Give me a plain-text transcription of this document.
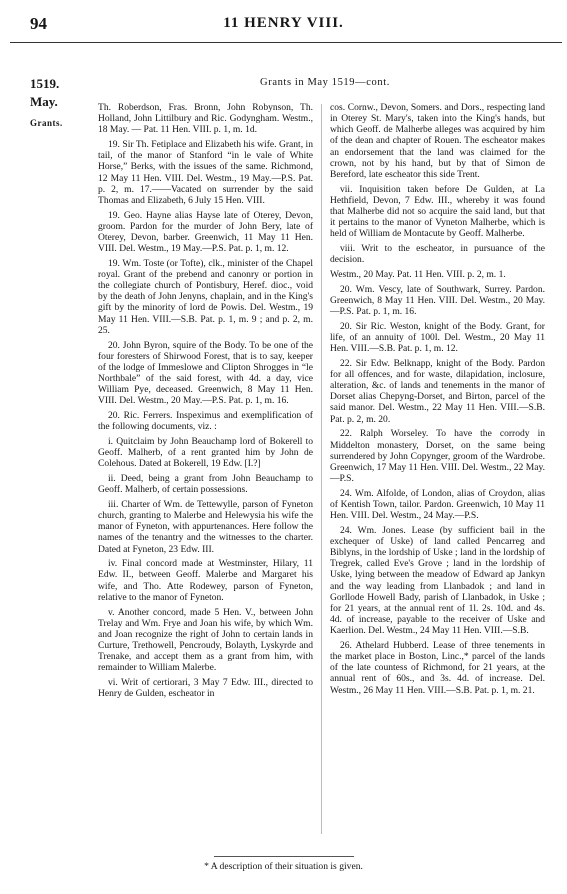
94	11 HENRY VIII.
1519.
May.
Grants.
Grants in May 1519—cont.

Th. Roberdson, Fras. Bronn, John Robynson, Th. Holland, John Littilbury and Ric. Godyngham. Westm., 18 May. — Pat. 11 Hen. VIII. p. 1, m. 1d.

19. Sir Th. Fetiplace and Elizabeth his wife. Grant, in tail, of the manor of Stanford “in le vale of White Horse,” Berks, with the issues of the same. Richmond, 12 May 11 Hen. VIII. Del. Westm., 19 May.—P.S. Pat. p. 2, m. 17.——Vacated on surrender by the said Thomas and Elizabeth, 6 July 15 Hen. VIII.

19. Geo. Hayne alias Hayse late of Oterey, Devon, groom. Pardon for the murder of John Bery, late of Oterey, Devon, barber. Greenwich, 11 May 11 Hen. VIII. Del. Westm., 19 May.—P.S. Pat. p. 1, m. 12.

19. Wm. Toste (or Tofte), clk., minister of the Chapel royal. Grant of the prebend and canonry or portion in the collegiate church of Pontisbury, Heref. dioc., void by the death of John Jenyns, chaplain, and in the King's gift by the minority of lord de Powis. Del. Westm., 19 May 11 Hen. VIII.—S.B. Pat. p. 1, m. 9 ; and p. 2, m. 25.

20. John Byron, squire of the Body. To be one of the four foresters of Shirwood Forest, that is to say, keeper of the lodge of Immeslowe and Clipton Shrogges in “le Northbale” of the said forest, with 4d. a day, vice William Pye, deceased. Greenwich, 8 May 11 Hen. VIII. Del. Westm., 20 May.—P.S. Pat. p. 1, m. 16.

20. Ric. Ferrers. Inspeximus and exemplification of the following documents, viz. :

i. Quitclaim by John Beauchamp lord of Bokerell to Geoff. Malherb, of a rent granted him by John de Colehous. Dated at Bokerell, 19 Edw. [I.?]

ii. Deed, being a grant from John Beauchamp to Geoff. Malherb, of certain possessions.

iii. Charter of Wm. de Tettewylle, parson of Fyneton church, granting to Malerbe and Helewysia his wife the manor of Fyneton, with appurtenances. Here follow the names of the tenantry and the witnesses to the charter. Dated at Fyneton, 23 Edw. III.

iv. Final concord made at Westminster, Hilary, 11 Edw. II., between Geoff. Malerbe and Margaret his wife, and Tho. Atte Rodewey, parson of Fyneton, relative to the manor of Fyneton.

v. Another concord, made 5 Hen. V., between John Trelay and Wm. Frye and Joan his wife, by which Wm. and Joan recognize the right of John to certain lands in Curture, Trethowell, Pencroudy, Bolayth, Lyskyrde and Trenake, and accept them as a grant from him, with remainder to William Malerbe.

vi. Writ of certiorari, 3 May 7 Edw. III., directed to Henry de Gulden, escheator in

cos. Cornw., Devon, Somers. and Dors., respecting land in Oterey St. Mary's, taken into the King's hands, but which Geoff. de Malherbe alleges was acquired by him of the dean and chapter of Rouen. The escheator makes an endorsement that the land was claimed for the crown, not by his hand, but by that of Simon de Bereford, late escheator this side Trent.

vii. Inquisition taken before De Gulden, at La Hethfield, Devon, 7 Edw. III., whereby it was found that Malherbe did not so acquire the said land, but that it pertains to the manor of Vyneton Malherbe, which is held of William de Montacute by Geoff. Malherbe.

viii. Writ to the escheator, in pursuance of the decision.

Westm., 20 May. Pat. 11 Hen. VIII. p. 2, m. 1.

20. Wm. Vescy, late of Southwark, Surrey. Pardon. Greenwich, 8 May 11 Hen. VIII. Del. Westm., 20 May.—P.S. Pat. p. 1, m. 16.

20. Sir Ric. Weston, knight of the Body. Grant, for life, of an annuity of 100l. Del. Westm., 20 May 11 Hen. VIII.—S.B. Pat. p. 1, m. 12.

22. Sir Edw. Belknapp, knight of the Body. Pardon for all offences, and for waste, dilapidation, inclosure, alteration, &c. of lands and tenements in the manor of Dorset alias Chepyng-Dorset, and Birton, parcel of the said manor. Del. Westm., 22 May 11 Hen. VIII.—S.B. Pat. p. 2, m. 20.

22. Ralph Worseley. To have the corrody in Middelton monastery, Dorset, on the same being surrendered by John Copynger, groom of the Wardrobe. Greenwich, 17 May 11 Hen. VIII. Del. Westm., 22 May.—P.S.

24. Wm. Alfolde, of London, alias of Croydon, alias of Kentish Town, tailor. Pardon. Greenwich, 10 May 11 Hen. VIII. Del. Westm., 24 May.—P.S.

24. Wm. Jones. Lease (by sufficient bail in the exchequer of Uske) of land called Pencarreg and Biblyns, in the lordship of Uske ; land in the lordship of Tregrek, called Eve's Grove ; land in the lordship of Uske, lying between the meadow of Edward ap Jankyn and the way leading from Llanbadok ; and land in Gorllode Howell Bady, parish of Llanbadok, in Uske ; for 21 years, at the annual rent of 1l. 2s. 10d. and 4s. 4d. of increase, payable to the receiver of Uske and Kaerlion. Del. Westm., 24 May 11 Hen. VIII.—S.B.

26. Athelard Hubberd. Lease of three tenements in the market place in Boston, Linc.,* parcel of the lands of the late countess of Richmond, for 21 years, at the annual rent of 60s., and 3s. 4d. of increase. Del. Westm., 26 May 11 Hen. VIII.—S.B. Pat. p. 1, m. 21.

* A description of their situation is given.
